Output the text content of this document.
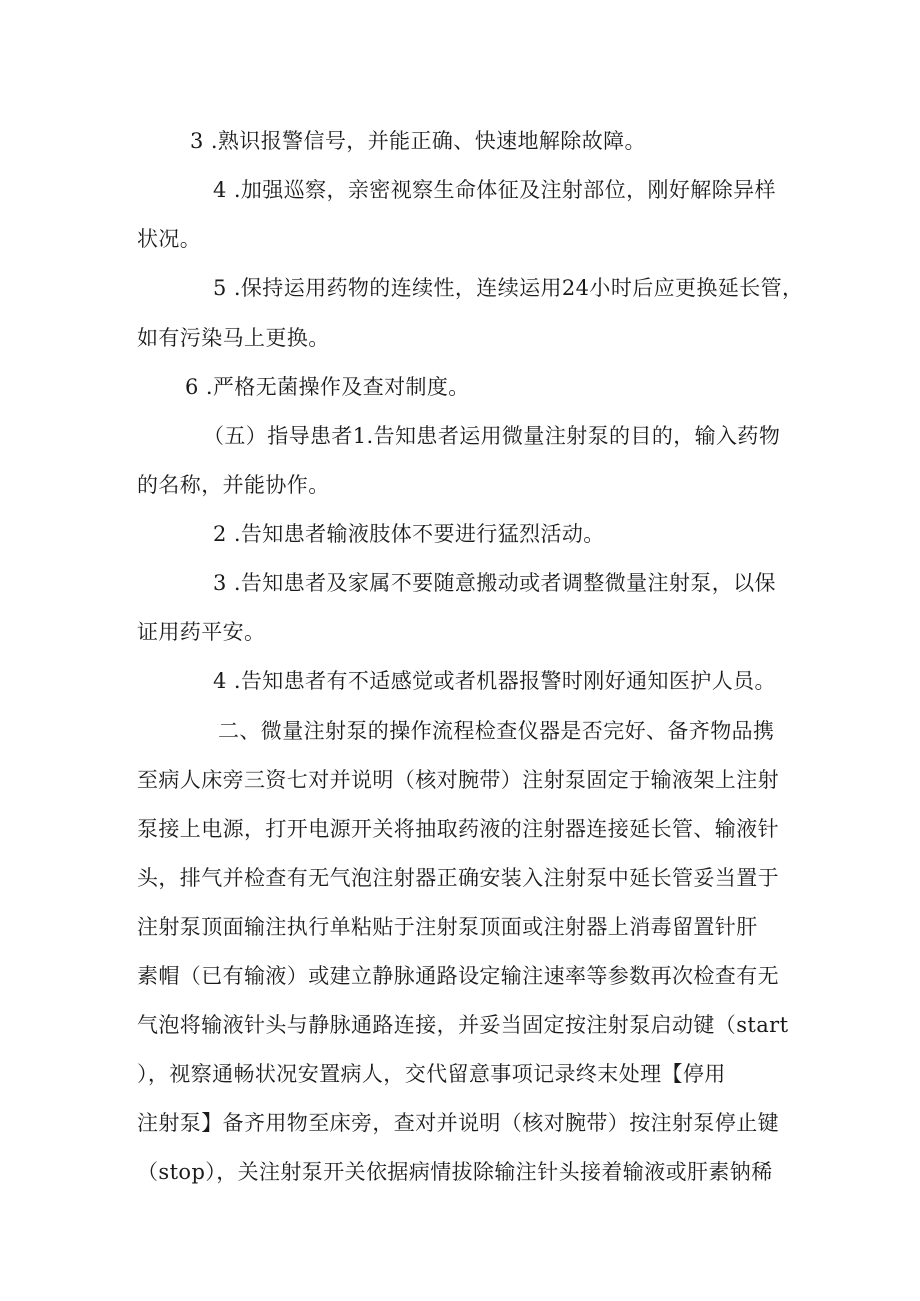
3 .熟识报警信号，并能正确、快速地解除故障。
4 .加强巡察，亲密视察生命体征及注射部位，刚好解除异样
状况。
5 .保持运用药物的连续性，连续运用24小时后应更换延长管，
如有污染马上更换。
6 .严格无菌操作及查对制度。
（五）指导患者1.告知患者运用微量注射泵的目的，输入药物
的名称，并能协作。
2 .告知患者输液肢体不要进行猛烈活动。
3 .告知患者及家属不要随意搬动或者调整微量注射泵，以保
证用药平安。
4 .告知患者有不适感觉或者机器报警时刚好通知医护人员。
二、微量注射泵的操作流程检查仪器是否完好、备齐物品携
至病人床旁三资七对并说明（核对腕带）注射泵固定于输液架上注射
泵接上电源，打开电源开关将抽取药液的注射器连接延长管、输液针
头，排气并检查有无气泡注射器正确安装入注射泵中延长管妥当置于
注射泵顶面输注执行单粘贴于注射泵顶面或注射器上消毒留置针肝
素帽（已有输液）或建立静脉通路设定输注速率等参数再次检查有无
气泡将输液针头与静脉通路连接，并妥当固定按注射泵启动键（start
），视察通畅状况安置病人，交代留意事项记录终末处理【停用
注射泵】备齐用物至床旁，查对并说明（核对腕带）按注射泵停止键
（stop），关注射泵开关依据病情拔除输注针头接着输液或肝素钠稀
